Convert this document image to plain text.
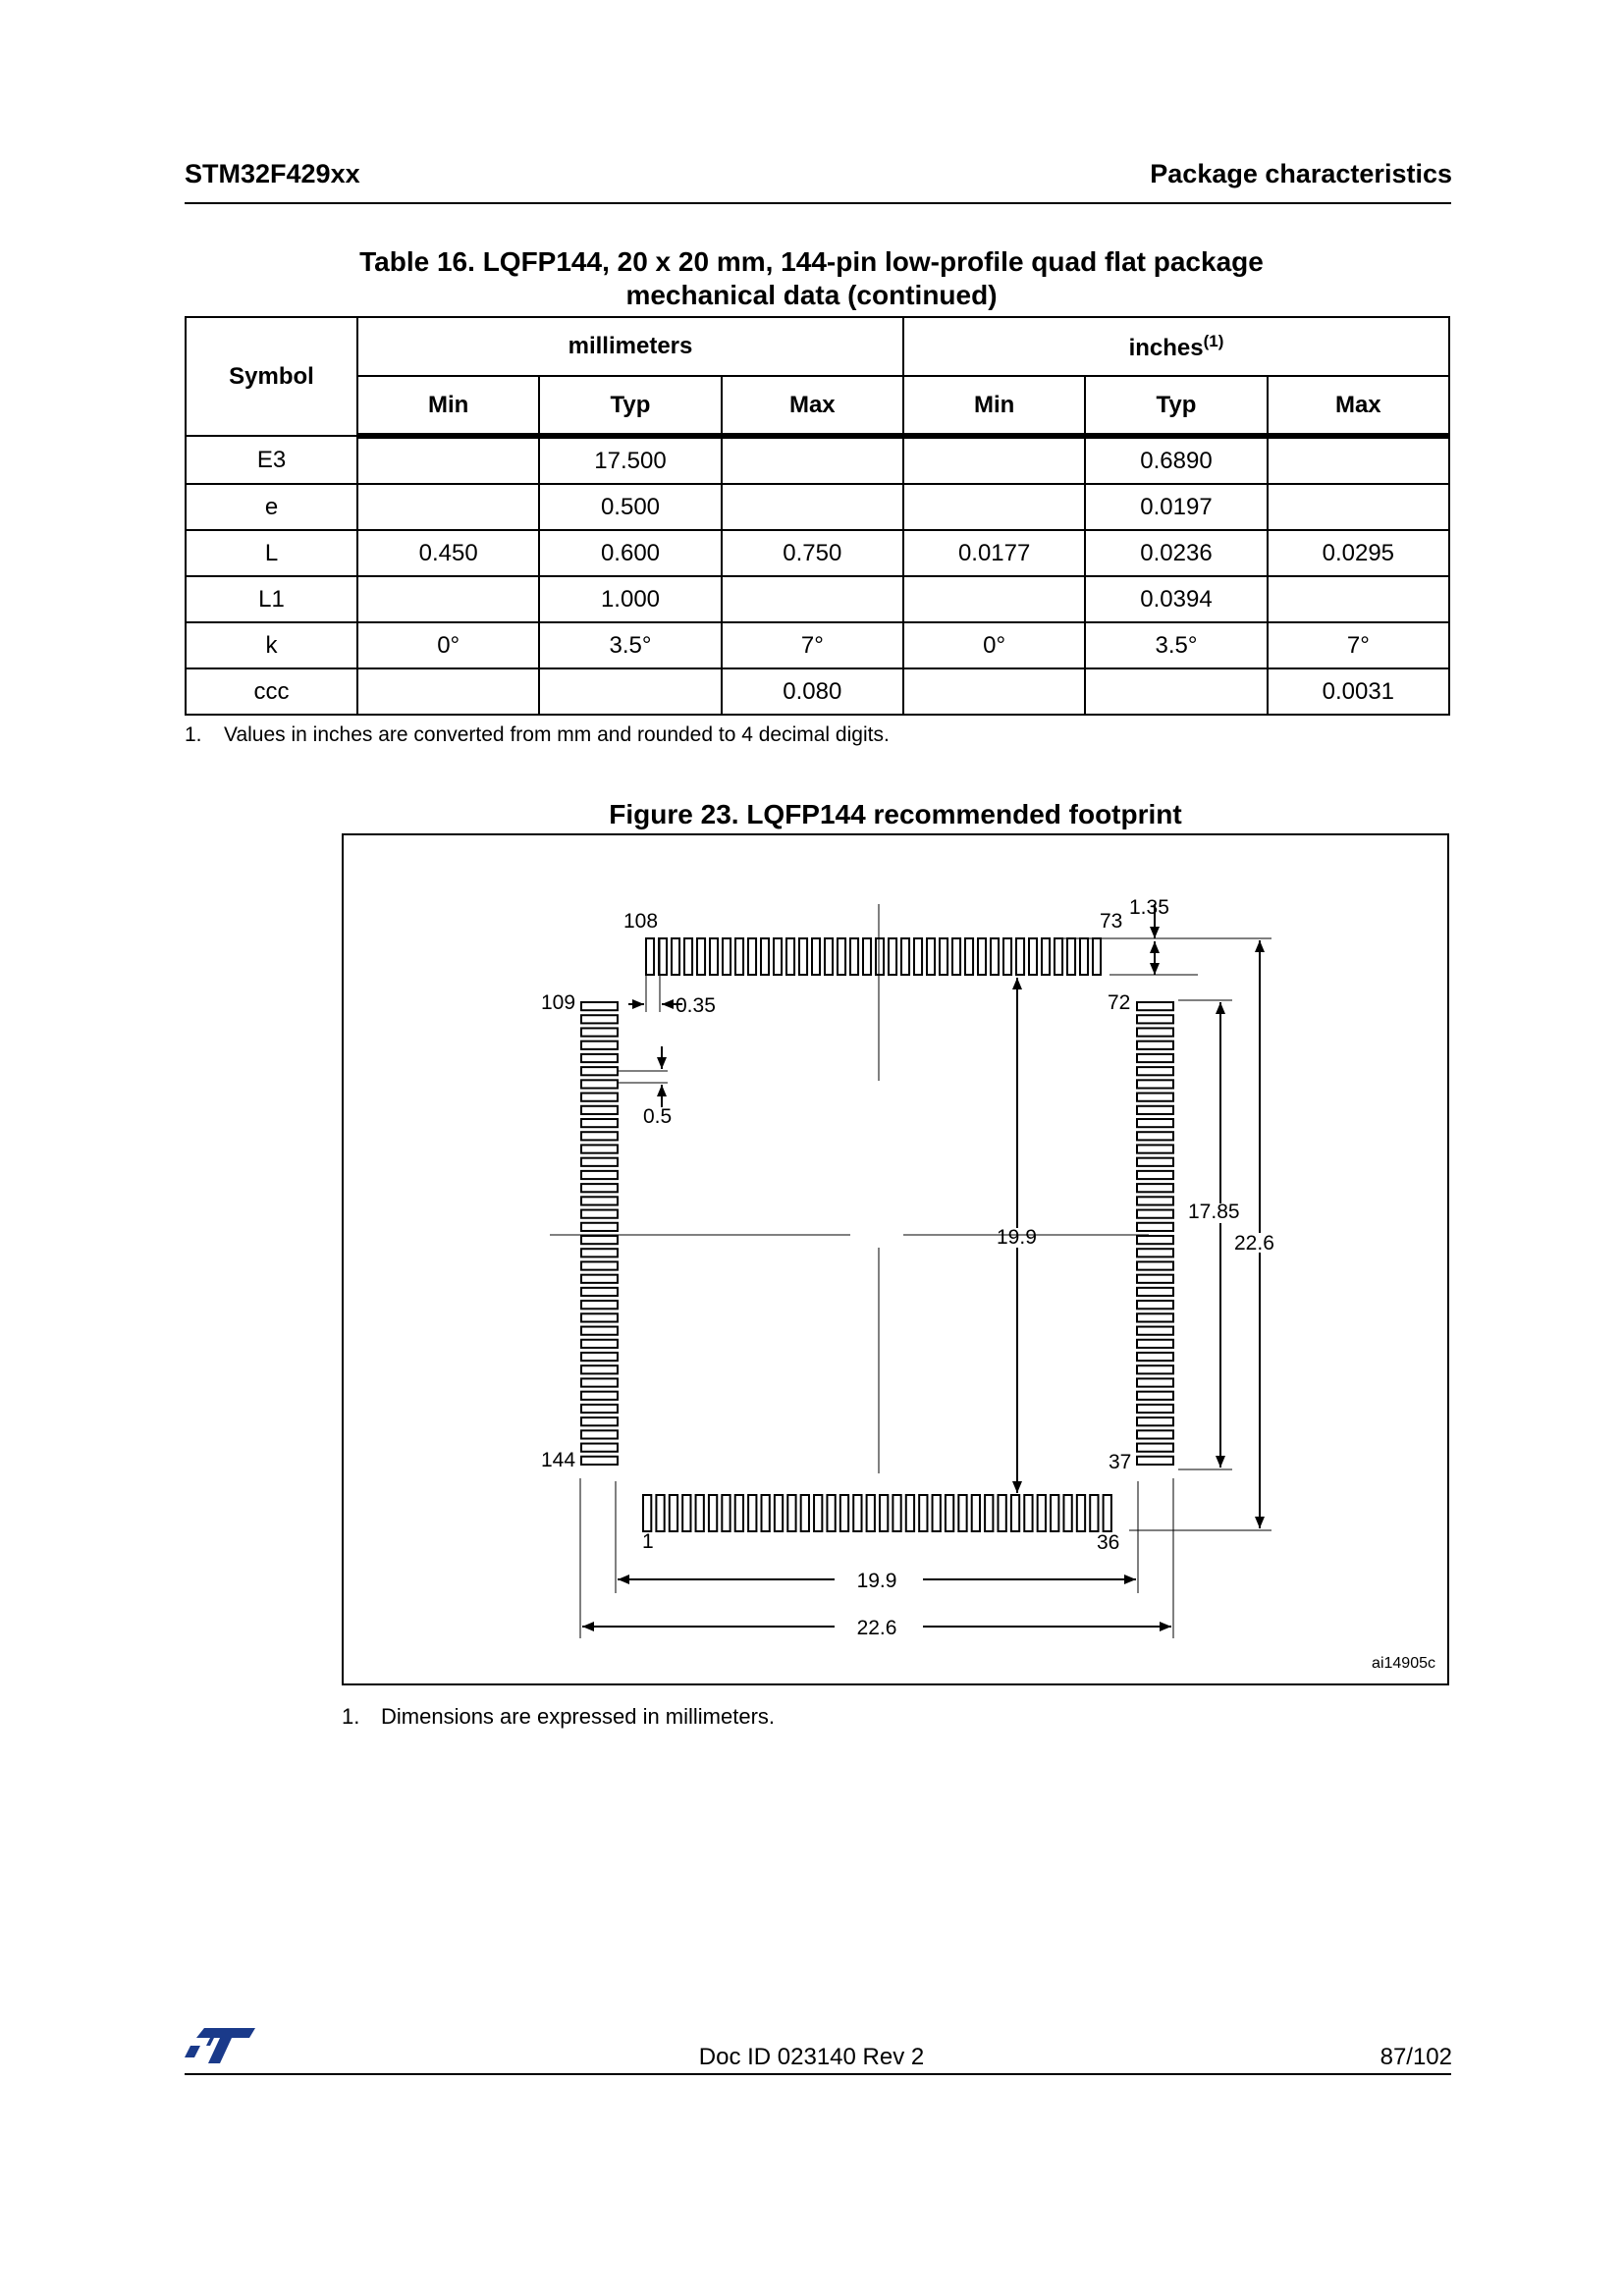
STM32F429xx	Package characteristics
Table 16. LQFP144, 20 x 20 mm, 144-pin low-profile quad flat package
mechanical data (continued)
Symbol	millimeters			inches$^{(1)}$
	Min	Typ	Max	Min	Typ	Max
E3		17.500			0.6890	
e		0.500			0.0197	
L	0.450	0.600	0.750	0.0177	0.0236	0.0295
L1		1.000			0.0394	
k	0°	3.5°	7°	0°	3.5°	7°
ccc			0.080			0.0031
1. Values in inches are converted from mm and rounded to 4 decimal digits.
Figure 23. LQFP144 recommended footprint
108	73
1.35
109	0.35	72
0.5
19.9
17.85
22.6
144	37
1	36
19.9
22.6
ai14905c
1. Dimensions are expressed in millimeters.
Doc ID 023140 Rev 2	87/102
